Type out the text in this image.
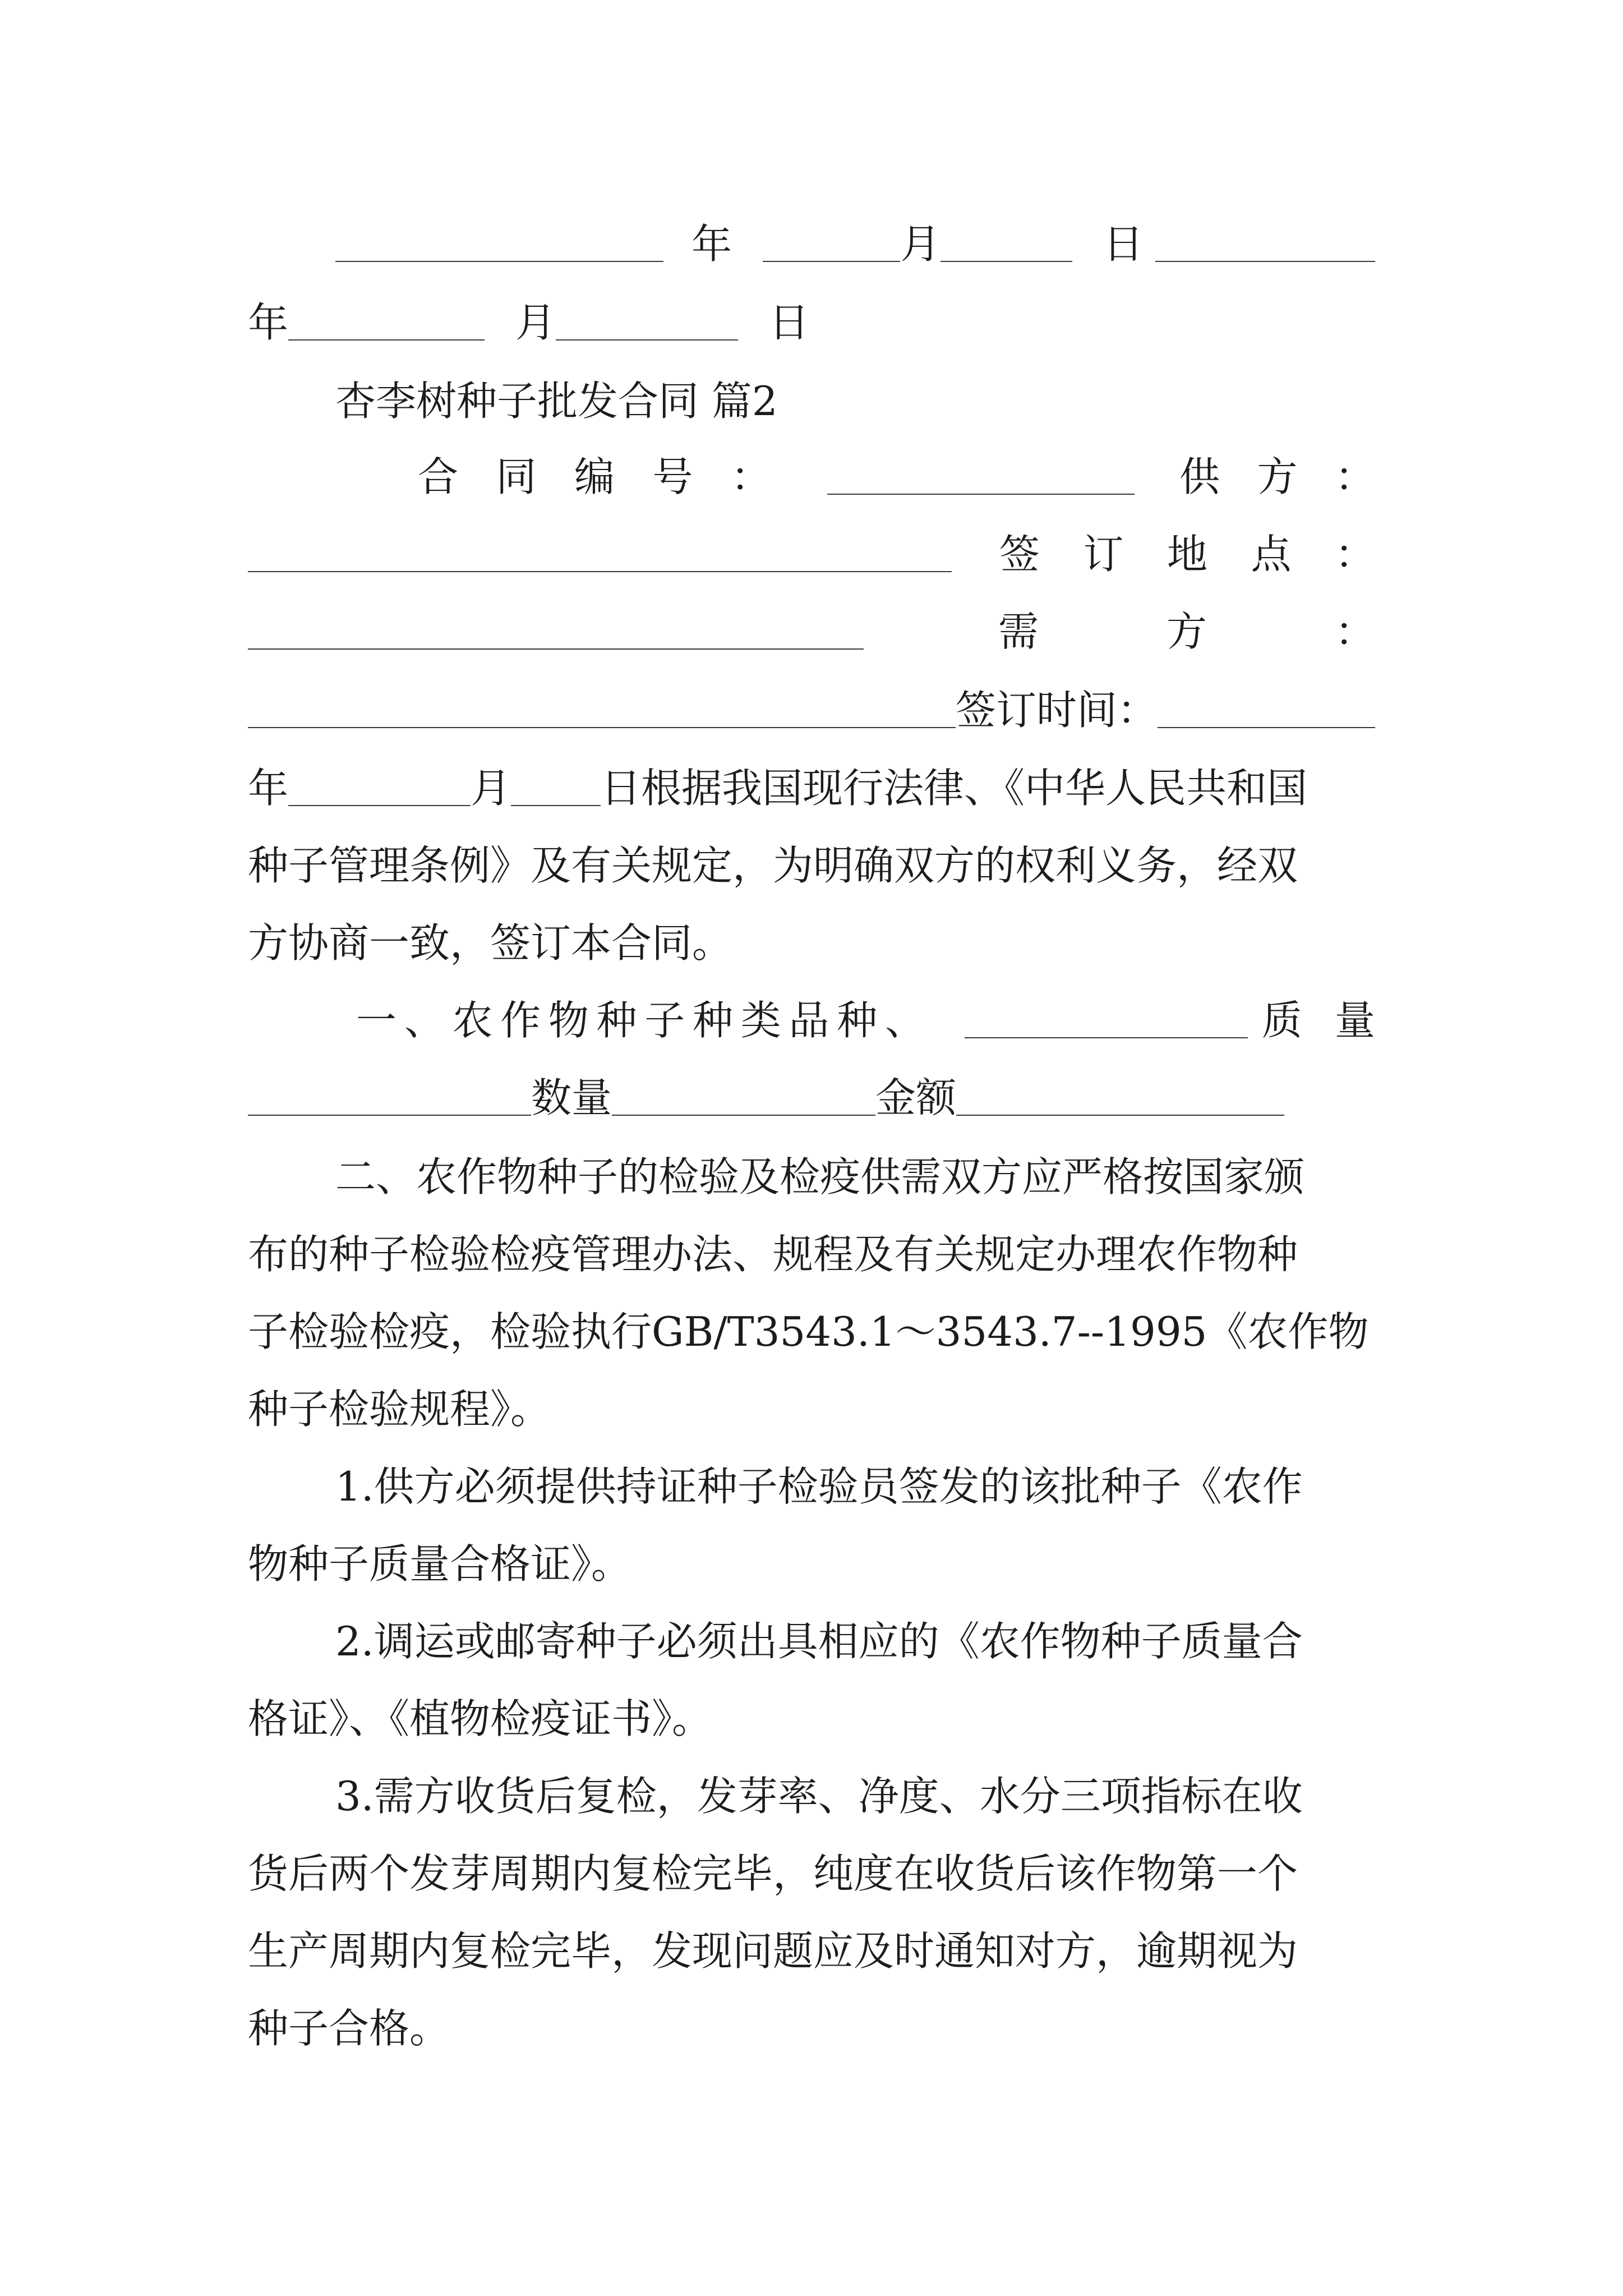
年	月	日
年	月	日
杏李树种子批发合同 篇2
合 同 编 号 ：	供 方 ：
签 订 地 点 ：
需	方	：
签订时间：
年	月 日根据我国现行法律、《中华人民共和国
种子管理条例》及有关规定，为明确双方的权利义务，经双
方协商一致，签订本合同。
一 、 农 作 物 种 子 种 类 品 种 、	质 量
数量	金额
二、农作物种子的检验及检疫供需双方应严格按国家颁
布的种子检验检疫管理办法、规程及有关规定办理农作物种
子检验检疫，检验执行GB/T3543.1～3543.7--1995《农作物
种子检验规程》。
1.供方必须提供持证种子检验员签发的该批种子《农作
物种子质量合格证》。
2.调运或邮寄种子必须出具相应的《农作物种子质量合
格证》、《植物检疫证书》。
3.需方收货后复检，发芽率、净度、水分三项指标在收
货后两个发芽周期内复检完毕，纯度在收货后该作物第一个
生产周期内复检完毕，发现问题应及时通知对方，逾期视为
种子合格。
